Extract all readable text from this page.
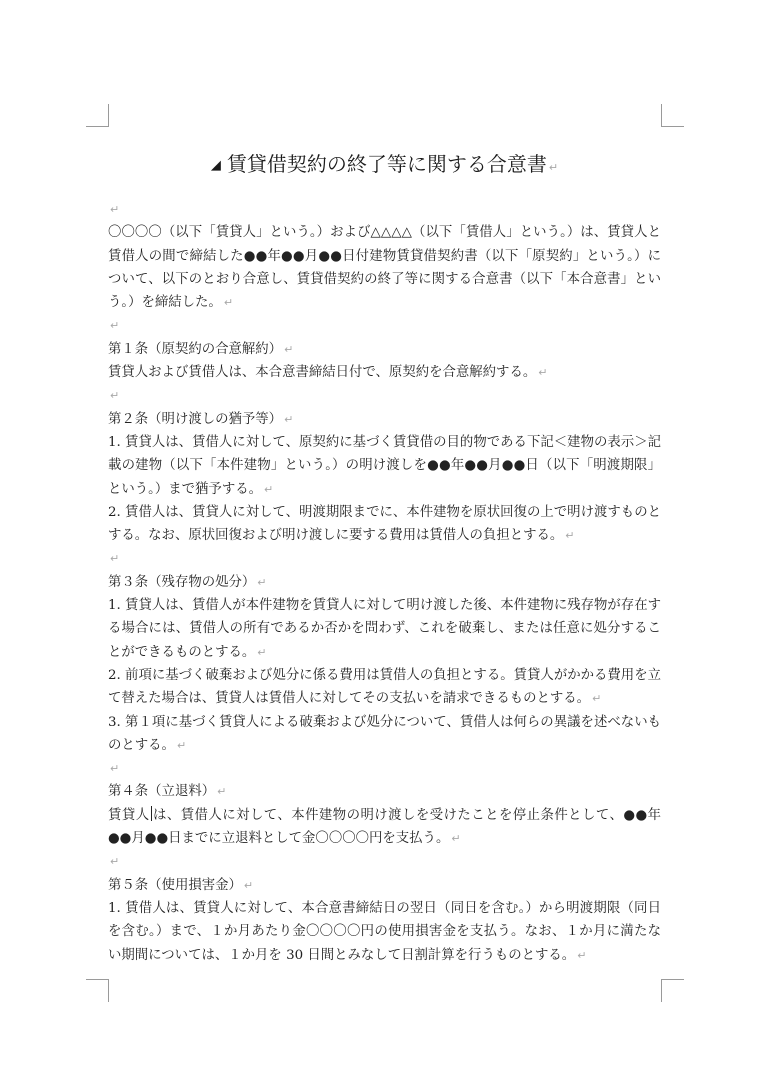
◢ 賃貸借契約の終了等に関する合意書 ↵

↵

〇〇〇〇（以下「賃貸人」という。）および△△△△（以下「賃借人」という。）は、賃貸人と賃借人の間で締結した●●年●●月●●日付建物賃貸借契約書（以下「原契約」という。）について、以下のとおり合意し、賃貸借契約の終了等に関する合意書（以下「本合意書」という。）を締結した。 ↵

↵

第１条（原契約の合意解約） ↵

賃貸人および賃借人は、本合意書締結日付で、原契約を合意解約する。 ↵

↵

第２条（明け渡しの猶予等） ↵

1. 賃貸人は、賃借人に対して、原契約に基づく賃貸借の目的物である下記＜建物の表示＞記載の建物（以下「本件建物」という。）の明け渡しを●●年●●月●●日（以下「明渡期限」という。）まで猶予する。 ↵

2. 賃借人は、賃貸人に対して、明渡期限までに、本件建物を原状回復の上で明け渡すものとする。なお、原状回復および明け渡しに要する費用は賃借人の負担とする。 ↵

↵

第３条（残存物の処分） ↵

1. 賃貸人は、賃借人が本件建物を賃貸人に対して明け渡した後、本件建物に残存物が存在する場合には、賃借人の所有であるか否かを問わず、これを破棄し、または任意に処分することができるものとする。 ↵

2. 前項に基づく破棄および処分に係る費用は賃借人の負担とする。賃貸人がかかる費用を立て替えた場合は、賃貸人は賃借人に対してその支払いを請求できるものとする。 ↵

3. 第１項に基づく賃貸人による破棄および処分について、賃借人は何らの異議を述べないものとする。 ↵

↵

第４条（立退料） ↵

賃貸人 は、賃借人に対して、本件建物の明け渡しを受けたことを停止条件として、●●年●●月●●日までに立退料として金〇〇〇〇円を支払う。 ↵

↵

第５条（使用損害金） ↵

1. 賃借人は、賃貸人に対して、本合意書締結日の翌日（同日を含む。）から明渡期限（同日を含む。）まで、１か月あたり金〇〇〇〇円の使用損害金を支払う。なお、１か月に満たない期間については、１か月を 30 日間とみなして日割計算を行うものとする。 ↵
